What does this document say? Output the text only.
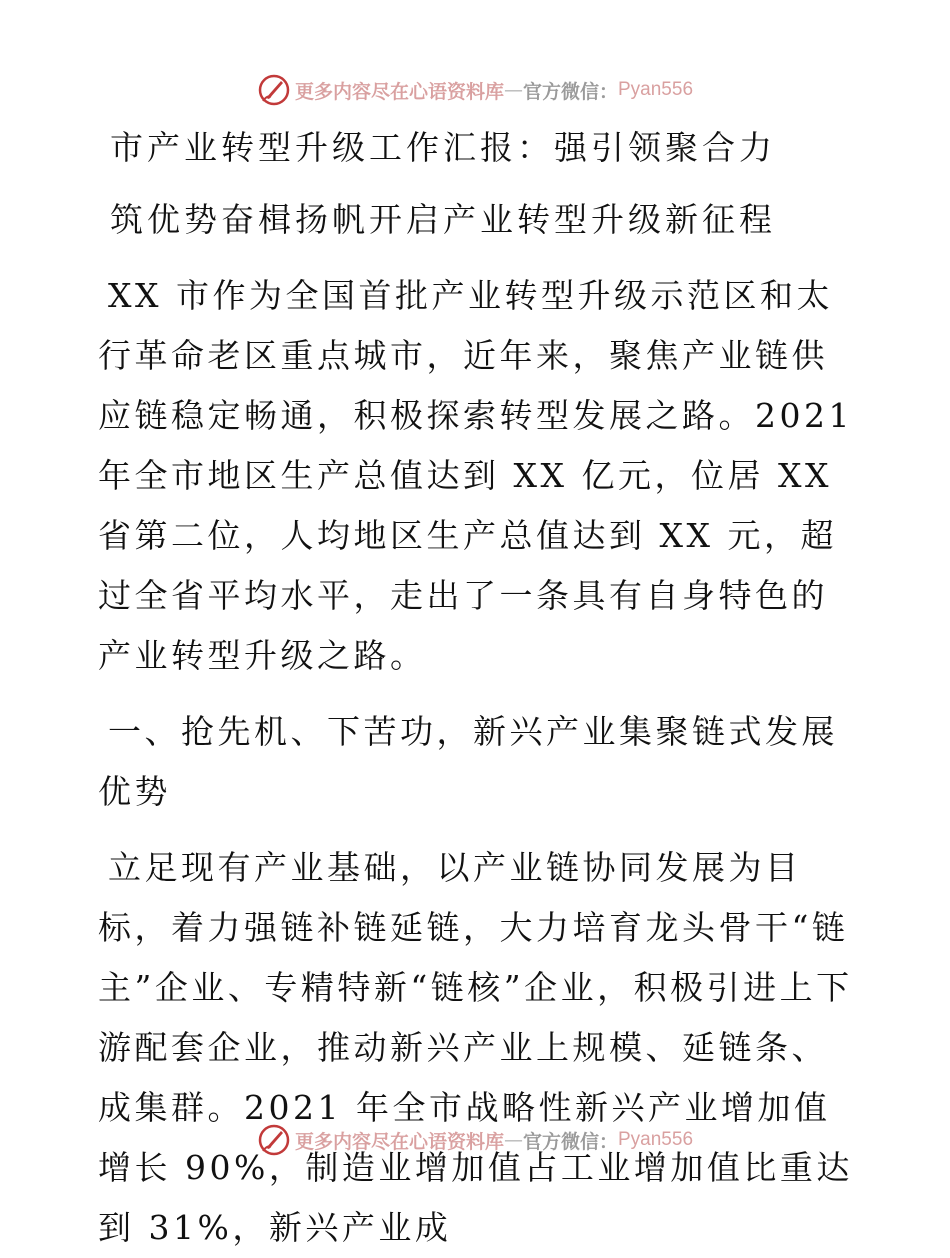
更多内容尽在心语资料库 — 官方微信： Pyan556
市产业转型升级工作汇报：强引领聚合力
筑优势奋楫扬帆开启产业转型升级新征程

XX 市作为全国首批产业转型升级示范区和太行革命老区重点城市，近年来，聚焦产业链供应链稳定畅通，积极探索转型发展之路。2021 年全市地区生产总值达到 XX 亿元，位居 XX 省第二位，人均地区生产总值达到 XX 元，超过全省平均水平，走出了一条具有自身特色的产业转型升级之路。

一、抢先机、下苦功，新兴产业集聚链式发展优势

立足现有产业基础，以产业链协同发展为目标，着力强链补链延链，大力培育龙头骨干“链主”企业、专精特新“链核”企业，积极引进上下游配套企业，推动新兴产业上规模、延链条、成集群。2021 年全市战略性新兴产业增加值增长 90%，制造业增加值占工业增加值比重达到 31%，新兴产业成

更多内容尽在心语资料库 — 官方微信： Pyan556
